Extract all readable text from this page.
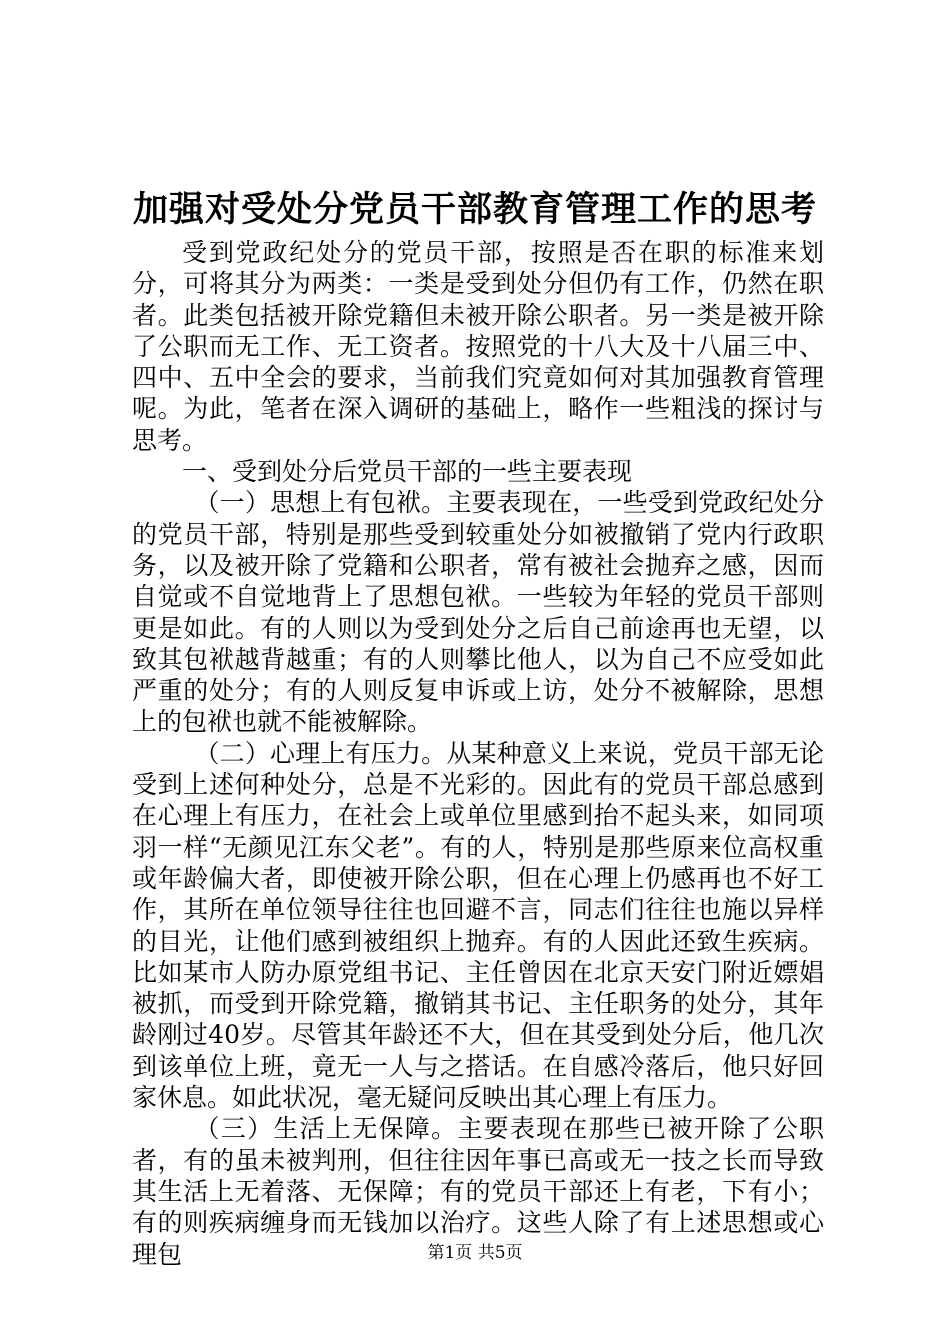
加强对受处分党员干部教育管理工作的思考

受到党政纪处分的党员干部，按照是否在职的标准来划分，可将其分为两类：一类是受到处分但仍有工作，仍然在职者。此类包括被开除党籍但未被开除公职者。另一类是被开除了公职而无工作、无工资者。按照党的十八大及十八届三中、四中、五中全会的要求，当前我们究竟如何对其加强教育管理呢。为此，笔者在深入调研的基础上，略作一些粗浅的探讨与思考。

一、受到处分后党员干部的一些主要表现

（一）思想上有包袱。主要表现在，一些受到党政纪处分的党员干部，特别是那些受到较重处分如被撤销了党内行政职务，以及被开除了党籍和公职者，常有被社会抛弃之感，因而自觉或不自觉地背上了思想包袱。一些较为年轻的党员干部则更是如此。有的人则以为受到处分之后自己前途再也无望，以致其包袱越背越重；有的人则攀比他人，以为自己不应受如此严重的处分；有的人则反复申诉或上访，处分不被解除，思想上的包袱也就不能被解除。

（二）心理上有压力。从某种意义上来说，党员干部无论受到上述何种处分，总是不光彩的。因此有的党员干部总感到在心理上有压力，在社会上或单位里感到抬不起头来，如同项羽一样“无颜见江东父老”。有的人，特别是那些原来位高权重或年龄偏大者，即使被开除公职，但在心理上仍感再也不好工作，其所在单位领导往往也回避不言，同志们往往也施以异样的目光，让他们感到被组织上抛弃。有的人因此还致生疾病。比如某市人防办原党组书记、主任曾因在北京天安门附近嫖娼被抓，而受到开除党籍，撤销其书记、主任职务的处分，其年龄刚过40岁。尽管其年龄还不大，但在其受到处分后，他几次到该单位上班，竟无一人与之搭话。在自感冷落后，他只好回家休息。如此状况，毫无疑问反映出其心理上有压力。

（三）生活上无保障。主要表现在那些已被开除了公职者，有的虽未被判刑，但往往因年事已高或无一技之长而导致其生活上无着落、无保障；有的党员干部还上有老，下有小；有的则疾病缠身而无钱加以治疗。这些人除了有上述思想或心理包	第1页 共5页
